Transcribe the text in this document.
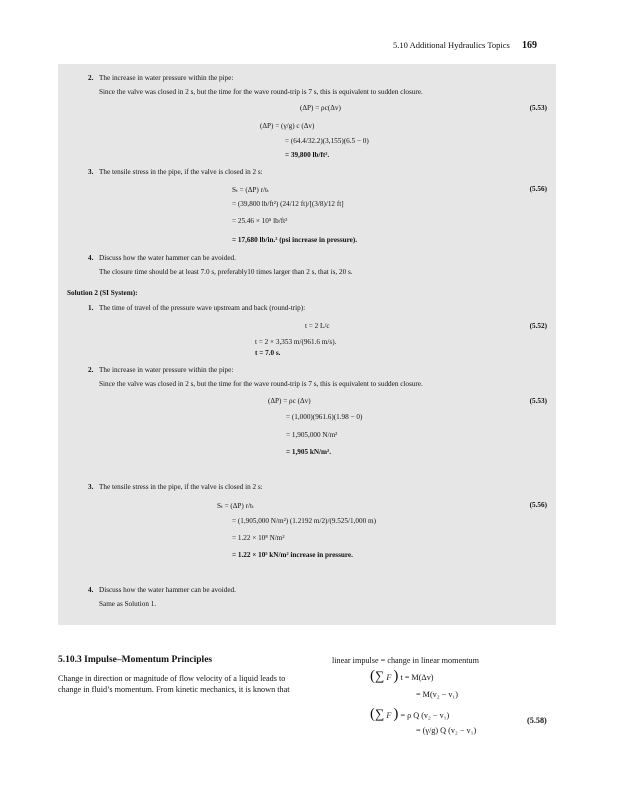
5.10 Additional Hydraulics Topics 169
2. The increase in water pressure within the pipe:
Since the valve was closed in 2 s, but the time for the wave round-trip is 7 s, this is equivalent to sudden closure.
(ΔP) = ρc(Δv)	(5.53)
(ΔP) = (γ/g) c (Δv)
= (64.4/32.2)(3,155)(6.5 − 0)
= 39,800 lb/ft².
3. The tensile stress in the pipe, if the valve is closed in 2 s:
Sₜ = (ΔP) r/tₜ	(5.56)
= (39,800 lb/ft²) (24/12 ft)/[(3/8)/12 ft]
= 25.46 × 10⁵ lb/ft²
= 17,680 lb/in.² (psi increase in pressure).
4. Discuss how the water hammer can be avoided.
The closure time should be at least 7.0 s, preferably10 times larger than 2 s, that is, 20 s.
Solution 2 (SI System):
1. The time of travel of the pressure wave upstream and back (round-trip):
t = 2 L/c	(5.52)
t = 2 × 3,353 m/(961.6 m/s).
t = 7.0 s.
2. The increase in water pressure within the pipe:
Since the valve was closed in 2 s, but the time for the wave round-trip is 7 s, this is equivalent to sudden closure.
(ΔP) = ρc (Δv)	(5.53)
= (1,000)(961.6)(1.98 − 0)
= 1,905,000 N/m²
= 1,905 kN/m².
3. The tensile stress in the pipe, if the valve is closed in 2 s:
Sₜ = (ΔP) r/tₜ	(5.56)
= (1,905,000 N/m²) (1.2192 m/2)/(9.525/1,000 m)
= 1.22 × 10⁸ N/m²
= 1.22 × 10⁵ kN/m² increase in pressure.
4. Discuss how the water hammer can be avoided.
Same as Solution 1.
5.10.3 Impulse–Momentum Principles
Change in direction or magnitude of flow velocity of a liquid leads to change in fluid’s momentum. From kinetic mechanics, it is known that
linear impulse = change in linear momentum
(∑ F ) t = M(Δv)
= M(v₂ − v₁)
(∑ F ) = ρ Q (v₂ − v₁)
= (γ/g) Q (v₂ − v₁)
(5.58)
